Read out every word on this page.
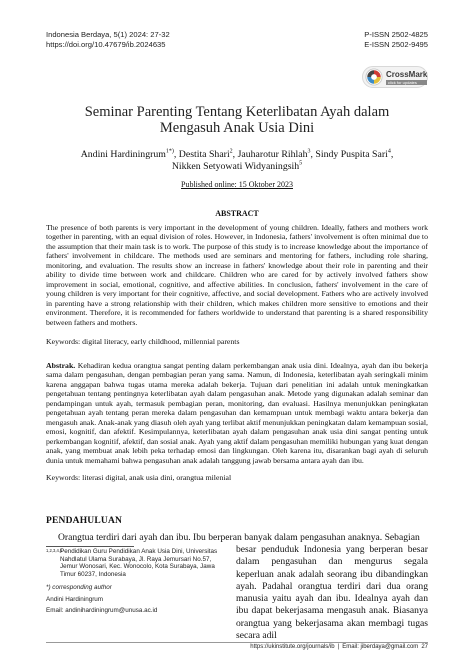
Indonesia Berdaya, 5(1) 2024: 27-32
https://doi.org/10.47679/ib.2024635
P-ISSN 2502-4825
E-ISSN 2502-9495
CrossMark
click for updates
Seminar Parenting Tentang Keterlibatan Ayah dalam Mengasuh Anak Usia Dini
Andini Hardiningrum$^{1*)}$, Destita Shari$^2$, Jauharotur Rihlah$^3$, Sindy Puspita Sari$^4$,
Nikken Setyowati Widyaningsih$^5$
Published online: 15 Oktober 2023
ABSTRACT
The presence of both parents is very important in the development of young children. Ideally, fathers and mothers work together in parenting, with an equal division of roles. However, in Indonesia, fathers' involvement is often minimal due to the assumption that their main task is to work. The purpose of this study is to increase knowledge about the importance of fathers' involvement in childcare. The methods used are seminars and mentoring for fathers, including role sharing, monitoring, and evaluation. The results show an increase in fathers' knowledge about their role in parenting and their ability to divide time between work and childcare. Children who are cared for by actively involved fathers show improvement in social, emotional, cognitive, and affective abilities. In conclusion, fathers' involvement in the care of young children is very important for their cognitive, affective, and social development. Fathers who are actively involved in parenting have a strong relationship with their children, which makes children more sensitive to emotions and their environment. Therefore, it is recommended for fathers worldwide to understand that parenting is a shared responsibility between fathers and mothers.
Keywords: digital literacy, early childhood, millennial parents
Abstrak. Kehadiran kedua orangtua sangat penting dalam perkembangan anak usia dini. Idealnya, ayah dan ibu bekerja sama dalam pengasuhan, dengan pembagian peran yang sama. Namun, di Indonesia, keterlibatan ayah seringkali minim karena anggapan bahwa tugas utama mereka adalah bekerja. Tujuan dari penelitian ini adalah untuk meningkatkan pengetahuan tentang pentingnya keterlibatan ayah dalam pengasuhan anak. Metode yang digunakan adalah seminar dan pendampingan untuk ayah, termasuk pembagian peran, monitoring, dan evaluasi. Hasilnya menunjukkan peningkatan pengetahuan ayah tentang peran mereka dalam pengasuhan dan kemampuan untuk membagi waktu antara bekerja dan mengasuh anak. Anak-anak yang diasuh oleh ayah yang terlibat aktif menunjukkan peningkatan dalam kemampuan sosial, emosi, kognitif, dan afektif. Kesimpulannya, keterlibatan ayah dalam pengasuhan anak usia dini sangat penting untuk perkembangan kognitif, afektif, dan sosial anak. Ayah yang aktif dalam pengasuhan memiliki hubungan yang kuat dengan anak, yang membuat anak lebih peka terhadap emosi dan lingkungan. Oleh karena itu, disarankan bagi ayah di seluruh dunia untuk memahami bahwa pengasuhan anak adalah tanggung jawab bersama antara ayah dan ibu.
Keywords: literasi digital, anak usia dini, orangtua milenial
PENDAHULUAN
Orangtua terdiri dari ayah dan ibu. Ibu berperan banyak dalam pengasuhan anaknya. Sebagian
besar penduduk Indonesia yang berperan besar dalam pengasuhan dan mengurus segala keperluan anak adalah seorang ibu dibandingkan ayah. Padahal orangtua terdiri dari dua orang manusia yaitu ayah dan ibu. Idealnya ayah dan ibu dapat bekerjasama mengasuh anak. Biasanya orangtua yang bekerjasama akan membagi tugas secara adil
1,2,3,4,5
Pendidikan Guru Pendidikan Anak Usia Dini, Universitas Nahdlatul Ulama Surabaya, Jl. Raya Jemursari No.57, Jemur Wonosari, Kec. Wonocolo, Kota Surabaya, Jawa Timur 60237, Indonesia
*) corresponding author
Andini Hardiningrum
Email: andinihardiningrum@unusa.ac.id
https://ukinstitute.org/journals/ib | Email: jiberdaya@gmail.com 27
